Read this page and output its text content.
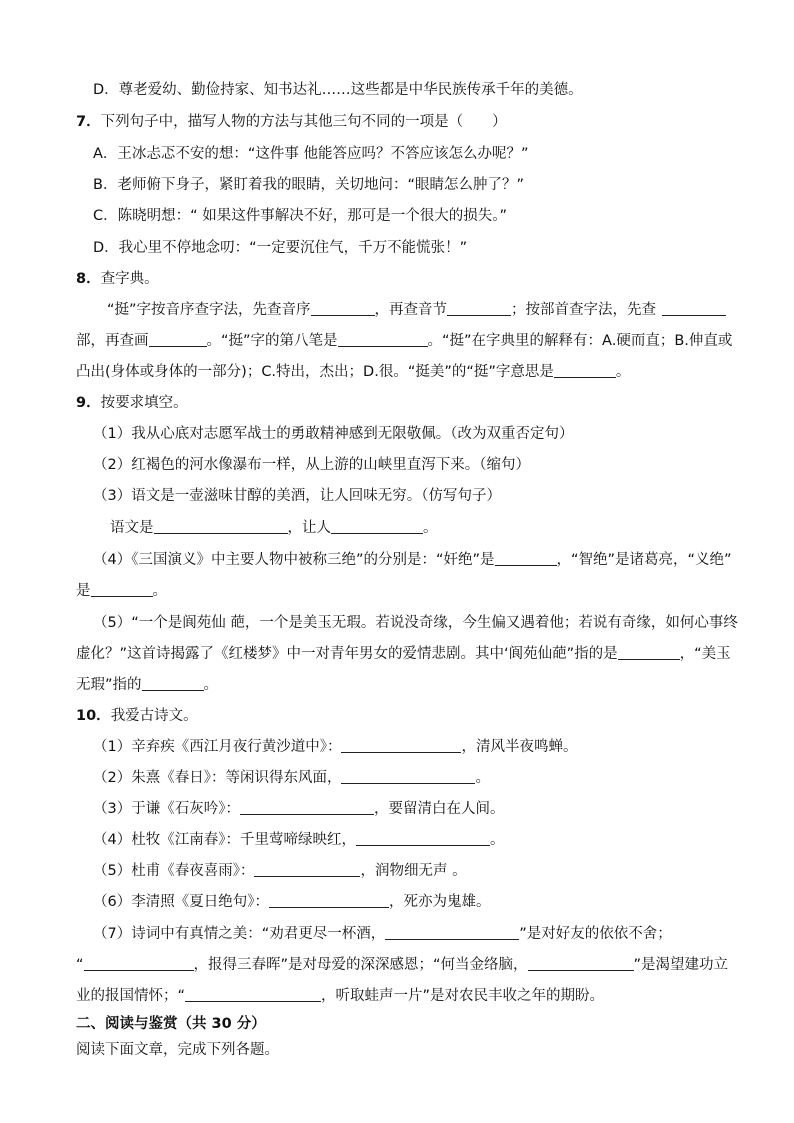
D．尊老爱幼、勤俭持家、知书达礼……这些都是中华民族传承千年的美德。
7．下列句子中，描写人物的方法与其他三句不同的一项是（　　）
A．王冰忐忑不安的想：“这件事 他能答应吗？不答应该怎么办呢？”
B．老师俯下身子，紧盯着我的眼睛，关切地问：“眼睛怎么肿了？”
C．陈晓明想：“ 如果这件事解决不好，那可是一个很大的损失。”
D．我心里不停地念叨：“一定要沉住气，千万不能慌张！”
8．查字典。
“挺”字按音序查字法，先查音序	，再查音节	；按部首查字法，先查
部，再查画	。“挺”字的第八笔是	。“挺”在字典里的解释有：A.硬而直；B.伸直或
凸出(身体或身体的一部分)；C.特出，杰出；D.很。“挺美”的“挺”字意思是	。
9．按要求填空。
（1）我从心底对志愿军战士的勇敢精神感到无限敬佩。（改为双重否定句）
（2）红褐色的河水像瀑布一样，从上游的山峡里直泻下来。（缩句）
（3）语文是一壶滋味甘醇的美酒，让人回味无穷。（仿写句子）
语文是	，让人	。
（4）《三国演义》中主要人物中被称三绝”的分别是：“奸绝”是	，“智绝”是诸葛亮，“义绝”
是	。
（5）“一个是阆苑仙 葩，一个是美玉无瑕。若说没奇缘，今生偏又遇着他；若说有奇缘，如何心事终
虚化？”这首诗揭露了《红楼梦》中一对青年男女的爱情悲剧。其中‘阆苑仙葩”指的是	，“美玉
无瑕”指的	。
10．我爱古诗文。
（1）辛弃疾《西江月夜行黄沙道中》：	，清风半夜鸣蝉。
（2）朱熹《春日》：等闲识得东风面，	。
（3）于谦《石灰吟》：	，要留清白在人间。
（4）杜牧《江南春》：千里莺啼绿映红，	。
（5）杜甫《春夜喜雨》：	，润物细无声 。
（6）李清照《夏日绝句》：	，死亦为鬼雄。
（7）诗词中有真情之美：“劝君更尽一杯酒，	”是对好友的依依不舍；
“	，报得三春晖”是对母爱的深深感恩；“何当金络脑，	”是渴望建功立
业的报国情怀；“	，听取蛙声一片”是对农民丰收之年的期盼。
二、阅读与鉴赏（共 30 分）
阅读下面文章，完成下列各题。
